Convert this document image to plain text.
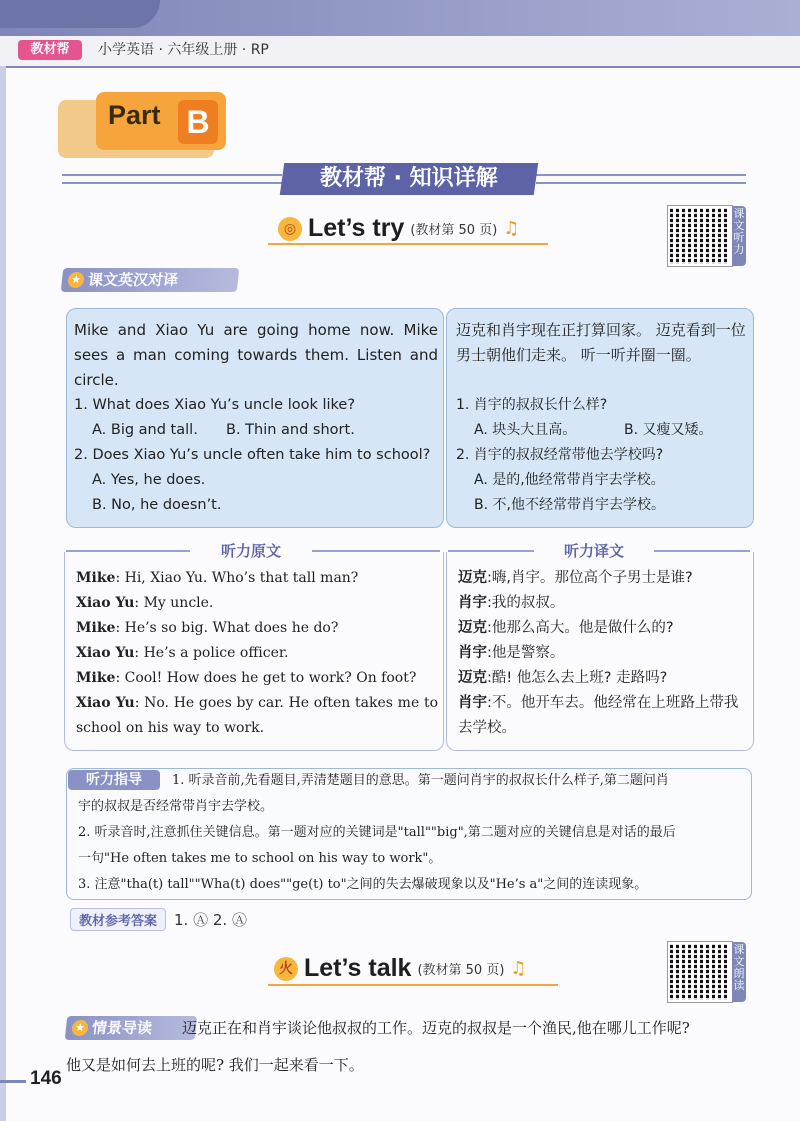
教材帮	小学英语 · 六年级上册 · RP
Part B
教材帮 · 知识详解
◎ Let’s try (教材第 50 页) ♫
课文听力
★ 课文英汉对译
Mike and Xiao Yu are going home now. Mike sees a man coming towards them. Listen and circle.
1. What does Xiao Yu’s uncle look like?
A. Big and tall. B. Thin and short.
2. Does Xiao Yu’s uncle often take him to school?
A. Yes, he does.
B. No, he doesn’t.
迈克和肖宇现在正打算回家。 迈克看到一位男士朝他们走来。 听一听并圈一圈。
1. 肖宇的叔叔长什么样?
A. 块头大且高。	B. 又瘦又矮。
2. 肖宇的叔叔经常带他去学校吗?
A. 是的,他经常带肖宇去学校。
B. 不,他不经常带肖宇去学校。
听力原文	听力译文
Mike: Hi, Xiao Yu. Who’s that tall man?
Xiao Yu: My uncle.
Mike: He’s so big. What does he do?
Xiao Yu: He’s a police officer.
Mike: Cool! How does he get to work? On foot?
Xiao Yu: No. He goes by car. He often takes me to school on his way to work.
迈克:嗨,肖宇。那位高个子男士是谁?
肖宇:我的叔叔。
迈克:他那么高大。他是做什么的?
肖宇:他是警察。
迈克:酷! 他怎么去上班? 走路吗?
肖宇:不。他开车去。他经常在上班路上带我去学校。
听力指导	1. 听录音前,先看题目,弄清楚题目的意思。第一题问肖宇的叔叔长什么样子,第二题问肖
宇的叔叔是否经常带肖宇去学校。
2. 听录音时,注意抓住关键信息。第一题对应的关键词是"tall""big",第二题对应的关键信息是对话的最后
一句"He often takes me to school on his way to work"。
3. 注意"tha(t) tall""Wha(t) does""ge(t) to"之间的失去爆破现象以及"He’s a"之间的连读现象。
教材参考答案	1. Ⓐ 2. Ⓐ
火 Let’s talk (教材第 50 页) ♫
课文朗读
★ 情景导读	迈克正在和肖宇谈论他叔叔的工作。迈克的叔叔是一个渔民,他在哪儿工作呢?
他又是如何去上班的呢? 我们一起来看一下。
146
